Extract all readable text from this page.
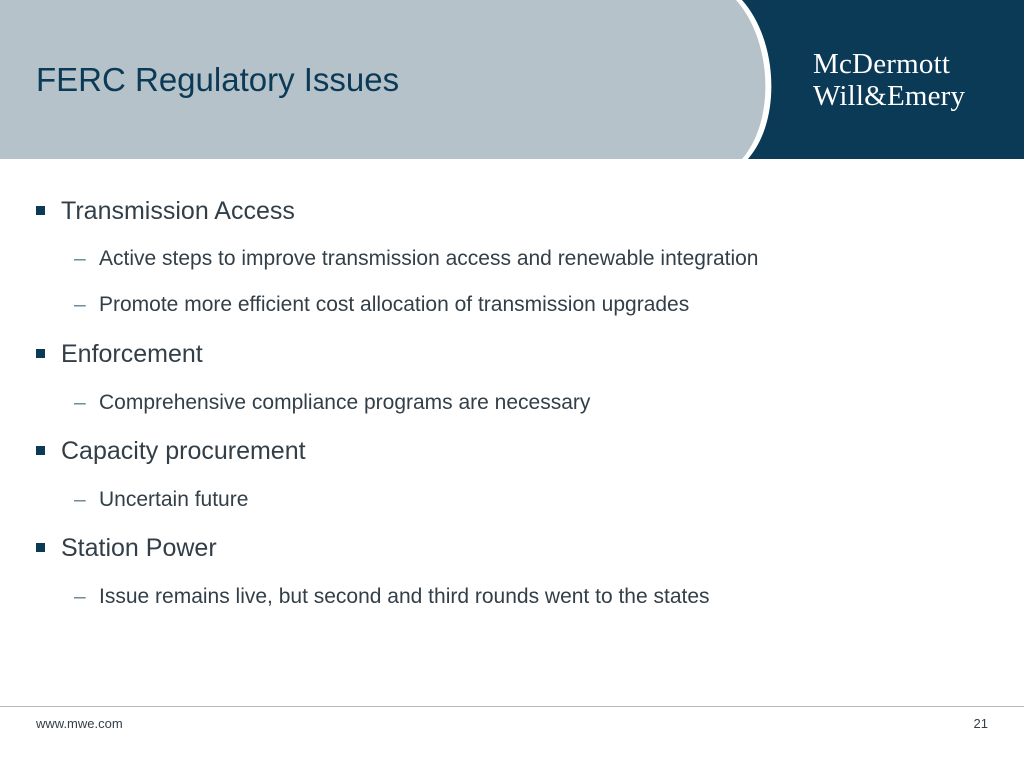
FERC Regulatory Issues	McDermott
Will&Emery
Transmission Access
– Active steps to improve transmission access and renewable integration
– Promote more efficient cost allocation of transmission upgrades
Enforcement
– Comprehensive compliance programs are necessary
Capacity procurement
– Uncertain future
Station Power
– Issue remains live, but second and third rounds went to the states
www.mwe.com	21
